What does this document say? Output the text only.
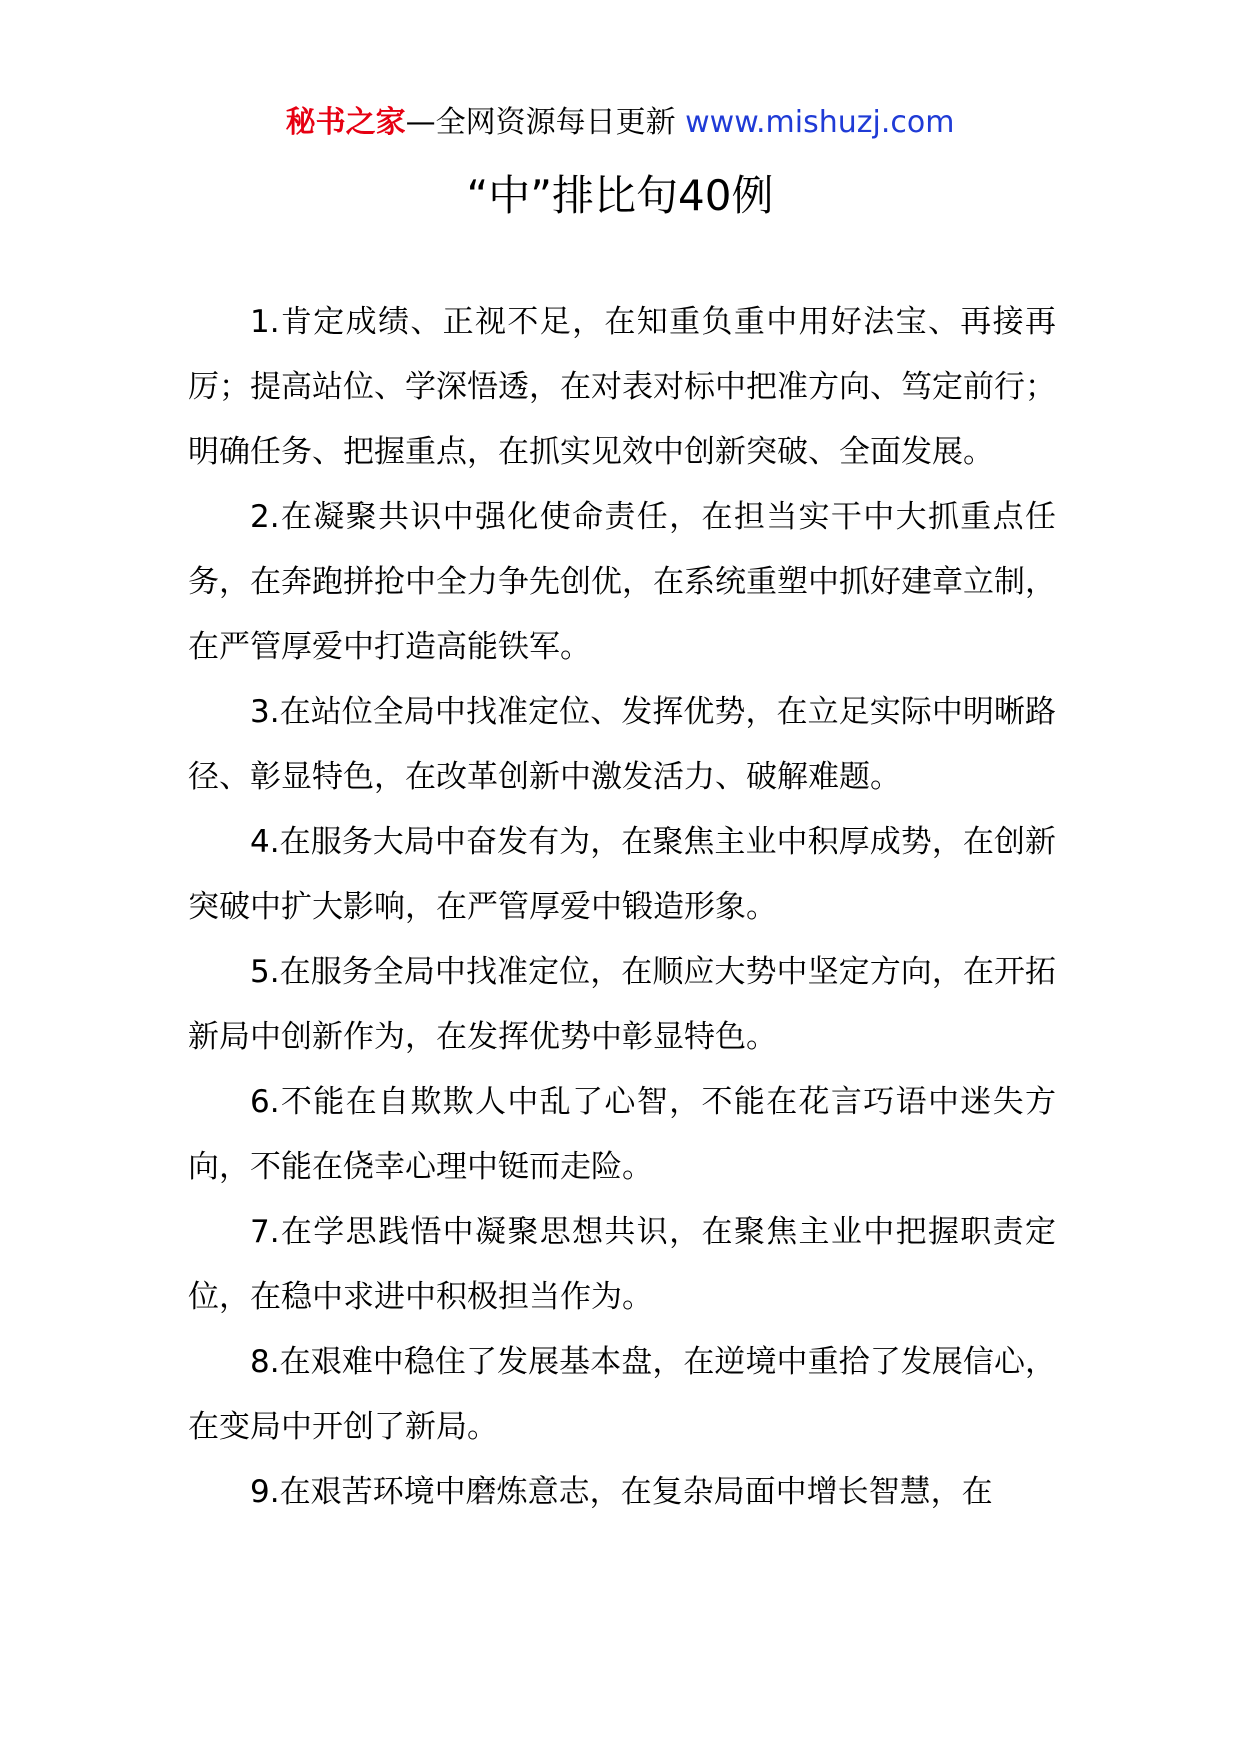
秘书之家—全网资源每日更新 www.mishuzj.com
“中”排比句40例

1.肯定成绩、正视不足，在知重负重中用好法宝、再接再厉；提高站位、学深悟透，在对表对标中把准方向、笃定前行；明确任务、把握重点，在抓实见效中创新突破、全面发展。

2.在凝聚共识中强化使命责任，在担当实干中大抓重点任务，在奔跑拼抢中全力争先创优，在系统重塑中抓好建章立制，在严管厚爱中打造高能铁军。

3.在站位全局中找准定位、发挥优势，在立足实际中明晰路径、彰显特色，在改革创新中激发活力、破解难题。

4.在服务大局中奋发有为，在聚焦主业中积厚成势，在创新突破中扩大影响，在严管厚爱中锻造形象。

5.在服务全局中找准定位，在顺应大势中坚定方向，在开拓新局中创新作为，在发挥优势中彰显特色。

6.不能在自欺欺人中乱了心智，不能在花言巧语中迷失方向，不能在侥幸心理中铤而走险。

7.在学思践悟中凝聚思想共识，在聚焦主业中把握职责定位，在稳中求进中积极担当作为。

8.在艰难中稳住了发展基本盘，在逆境中重拾了发展信心，在变局中开创了新局。

9.在艰苦环境中磨炼意志，在复杂局面中增长智慧，在
